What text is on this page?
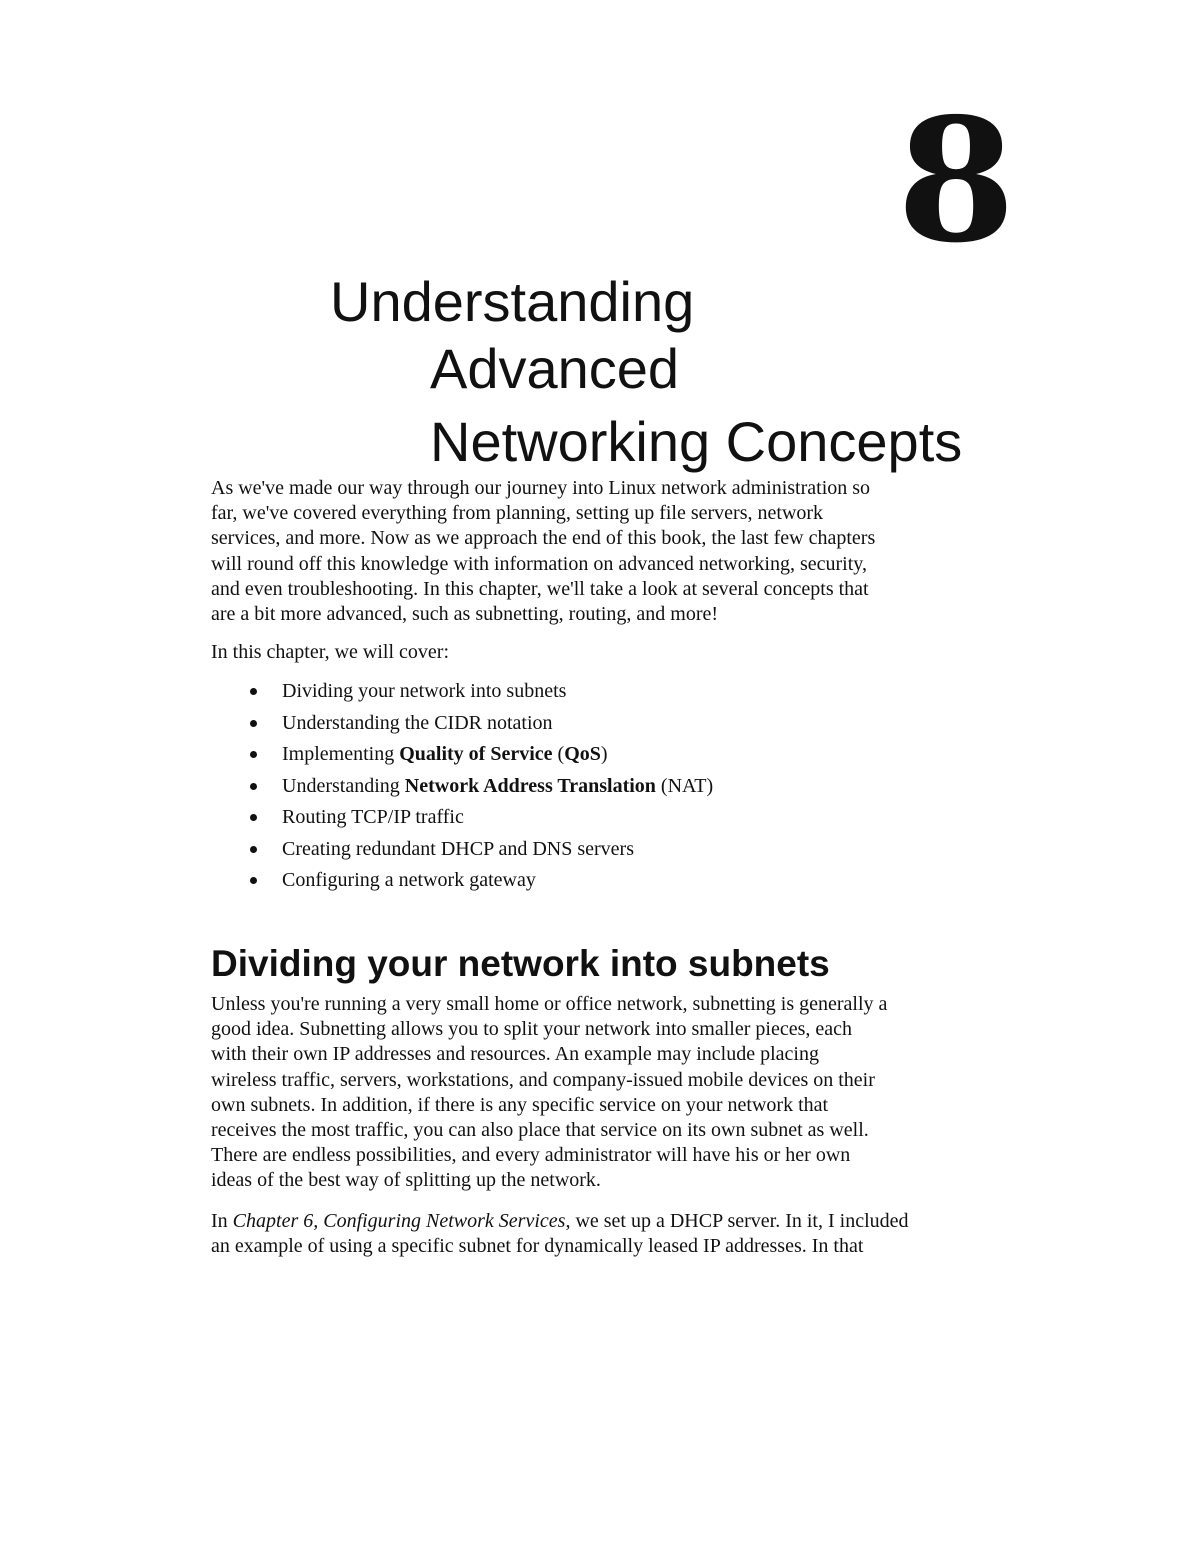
8
Understanding
Advanced
Networking Concepts
As we've made our way through our journey into Linux network administration so
far, we've covered everything from planning, setting up file servers, network
services, and more. Now as we approach the end of this book, the last few chapters
will round off this knowledge with information on advanced networking, security,
and even troubleshooting. In this chapter, we'll take a look at several concepts that
are a bit more advanced, such as subnetting, routing, and more!
In this chapter, we will cover:
Dividing your network into subnets
Understanding the CIDR notation
Implementing Quality of Service (QoS)
Understanding Network Address Translation (NAT)
Routing TCP/IP traffic
Creating redundant DHCP and DNS servers
Configuring a network gateway
Dividing your network into subnets
Unless you're running a very small home or office network, subnetting is generally a
good idea. Subnetting allows you to split your network into smaller pieces, each
with their own IP addresses and resources. An example may include placing
wireless traffic, servers, workstations, and company-issued mobile devices on their
own subnets. In addition, if there is any specific service on your network that
receives the most traffic, you can also place that service on its own subnet as well.
There are endless possibilities, and every administrator will have his or her own
ideas of the best way of splitting up the network.
In Chapter 6, Configuring Network Services, we set up a DHCP server. In it, I included
an example of using a specific subnet for dynamically leased IP addresses. In that
